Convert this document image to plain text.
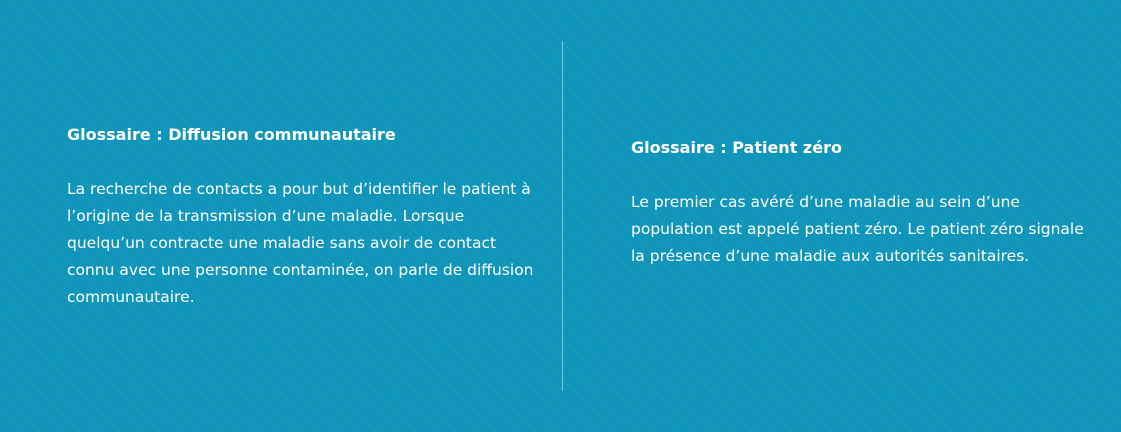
Glossaire : Diffusion communautaire

La recherche de contacts a pour but d’identifier le patient à l’origine de la transmission d’une maladie. Lorsque quelqu’un contracte une maladie sans avoir de contact connu avec une personne contaminée, on parle de diffusion communautaire.

Glossaire : Patient zéro

Le premier cas avéré d’une maladie au sein d’une population est appelé patient zéro. Le patient zéro signale la présence d’une maladie aux autorités sanitaires.
